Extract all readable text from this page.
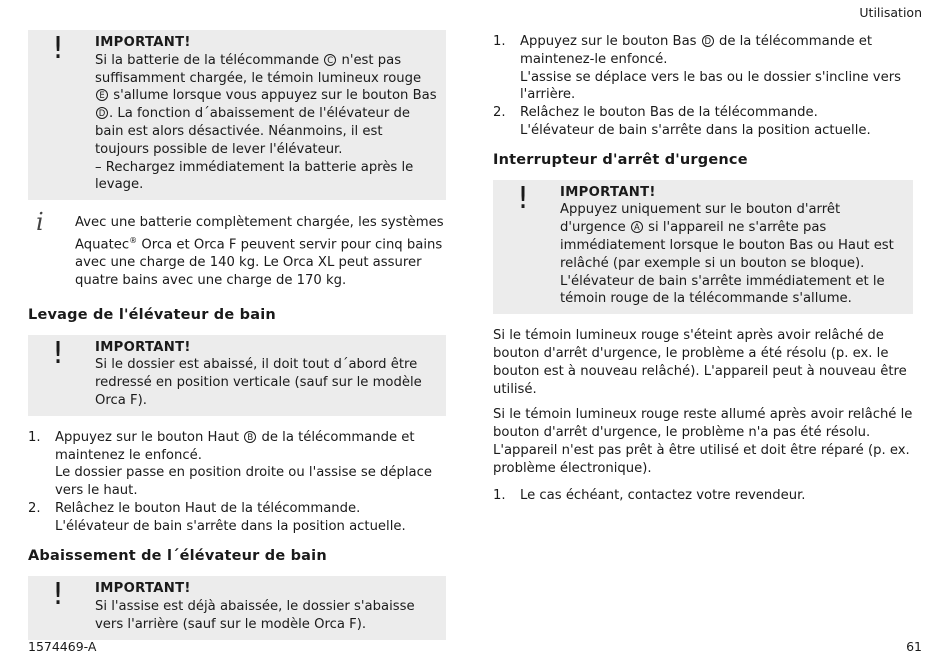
Utilisation
! IMPORTANT!

Si la batterie de la télécommande C n'est pas suffisamment chargée, le témoin lumineux rouge E s'allume lorsque vous appuyez sur le bouton Bas D . La fonction d´abaissement de l'élévateur de bain est alors désactivée. Néanmoins, il est toujours possible de lever l'élévateur.

– Rechargez immédiatement la batterie après le levage.

i Avec une batterie complètement chargée, les systèmes Aquatec® Orca et Orca F peuvent servir pour cinq bains avec une charge de 140 kg. Le Orca XL peut assurer quatre bains avec une charge de 170 kg.

Levage de l'élévateur de bain
! IMPORTANT!

Si le dossier est abaissé, il doit tout d´abord être redressé en position verticale (sauf sur le modèle Orca F).

1. Appuyez sur le bouton Haut B de la télécommande et maintenez le enfoncé.

Le dossier passe en position droite ou l'assise se déplace vers le haut.

2. Relâchez le bouton Haut de la télécommande.

L'élévateur de bain s'arrête dans la position actuelle.

Abaissement de l´élévateur de bain
! IMPORTANT!

Si l'assise est déjà abaissée, le dossier s'abaisse vers l'arrière (sauf sur le modèle Orca F).

1. Appuyez sur le bouton Bas D de la télécommande et maintenez-le enfoncé.

L'assise se déplace vers le bas ou le dossier s'incline vers l'arrière.

2. Relâchez le bouton Bas de la télécommande.

L'élévateur de bain s'arrête dans la position actuelle.

Interrupteur d'arrêt d'urgence
! IMPORTANT!

Appuyez uniquement sur le bouton d'arrêt d'urgence A si l'appareil ne s'arrête pas immédiatement lorsque le bouton Bas ou Haut est relâché (par exemple si un bouton se bloque). L'élévateur de bain s'arrête immédiatement et le témoin rouge de la télécommande s'allume.

Si le témoin lumineux rouge s'éteint après avoir relâché de bouton d'arrêt d'urgence, le problème a été résolu (p. ex. le bouton est à nouveau relâché). L'appareil peut à nouveau être utilisé.

Si le témoin lumineux rouge reste allumé après avoir relâché le bouton d'arrêt d'urgence, le problème n'a pas été résolu. L'appareil n'est pas prêt à être utilisé et doit être réparé (p. ex. problème électronique).

1. Le cas échéant, contactez votre revendeur.

1574469-A	61
